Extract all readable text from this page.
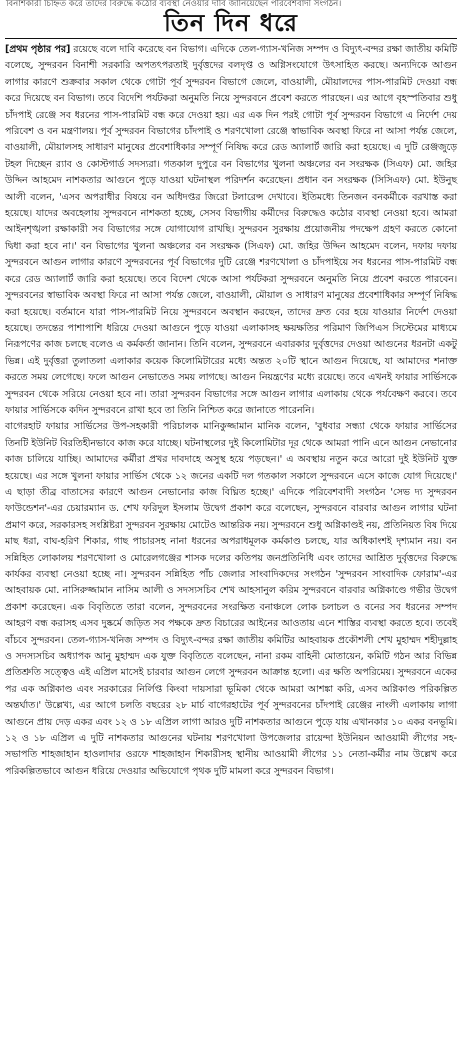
বিনাশকারী চিহ্নিত করে তাদের বিরুদ্ধে কঠোর ব্যবস্থা নেওয়ার দাবি জানিয়েছেন পরিবেশবাদী সংগঠন।
তিন দিন ধরে

[প্রথম পৃষ্ঠার পর] রয়েছে বলে দাবি করেছে বন বিভাগ। এদিকে তেল-গ্যাস-খনিজ সম্পদ ও বিদ্যুৎ-বন্দর রক্ষা জাতীয় কমিটি বলেছে, সুন্দরবন বিনাশী সরকারি অপতৎপরতাই দুর্বৃত্তদের বলদৃপ্ত ও অগ্নিসংযোগে উৎসাহিত করছে। অন্যদিকে আগুন লাগার কারণে শুক্রবার সকাল থেকে গোটা পূর্ব সুন্দরবন বিভাগে জেলে, বাওয়ালী, মৌয়ালদের পাস-পারমিট দেওয়া বন্ধ করে দিয়েছে বন বিভাগ। তবে বিদেশি পর্যটকরা অনুমতি নিয়ে সুন্দরবনে প্রবেশ করতে পারছেন। এর আগে বৃহস্পতিবার শুধু চাঁদপাই রেঞ্জে সব ধরনের পাস-পারমিট বন্ধ করে দেওয়া হয়। এর এক দিন পরই গোটা পূর্ব সুন্দরবন বিভাগে এ নির্দেশ দেয় পরিবেশ ও বন মন্ত্রণালয়। পূর্ব সুন্দরবন বিভাগের চাঁদপাই ও শরণখোলা রেঞ্জে স্বাভাবিক অবস্থা ফিরে না আসা পর্যন্ত জেলে, বাওয়ালী, মৌয়ালসহ সাধারণ মানুষের প্রবেশাধিকার সম্পূর্ণ নিষিদ্ধ করে রেড অ্যালার্ট জারি করা হয়েছে। এ দুটি রেঞ্জজুড়ে টহল দিচ্ছেন র‍্যাব ও কোস্টগার্ড সদস্যরা। গতকাল দুপুরে বন বিভাগের খুলনা অঞ্চলের বন সংরক্ষক (সিএফ) মো. জহির উদ্দিন আহমেদ নাশকতার আগুনে পুড়ে যাওয়া ঘটনাস্থল পরিদর্শন করেছেন। প্রধান বন সংরক্ষক (সিসিএফ) মো. ইউনুছ আলী বলেন, 'এসব অপরাধীর বিষয়ে বন অধিদপ্তর জিরো টলারেন্স দেখাবে। ইতিমধ্যে তিনজন বনকর্মীকে বরখাস্ত করা হয়েছে। যাদের অবহেলায় সুন্দরবনে নাশকতা হচ্ছে, সেসব বিভাগীয় কর্মীদের বিরুদ্ধেও কঠোর ব্যবস্থা নেওয়া হবে। আমরা আইনশৃঙ্খলা রক্ষাকারী সব বিভাগের সঙ্গে যোগাযোগ রাখছি। সুন্দরবন সুরক্ষায় প্রয়োজনীয় পদক্ষেপ গ্রহণ করতে কোনো দ্বিধা করা হবে না।' বন বিভাগের খুলনা অঞ্চলের বন সংরক্ষক (সিএফ) মো. জহির উদ্দিন আহমেদ বলেন, দফায় দফায় সুন্দরবনে আগুন লাগার কারণে সুন্দরবনের পূর্ব বিভাগের দুটি রেঞ্জে শরণখোলা ও চাঁদপাইয়ে সব ধরনের পাস-পারমিট বন্ধ করে রেড অ্যালার্ট জারি করা হয়েছে। তবে বিদেশ থেকে আসা পর্যটকরা সুন্দরবনে অনুমতি নিয়ে প্রবেশ করতে পারবেন। সুন্দরবনের স্বাভাবিক অবস্থা ফিরে না আসা পর্যন্ত জেলে, বাওয়ালী, মৌয়াল ও সাধারণ মানুষের প্রবেশাধিকার সম্পূর্ণ নিষিদ্ধ করা হয়েছে। বর্তমানে যারা পাস-পারমিট নিয়ে সুন্দরবনে অবস্থান করছেন, তাদের দ্রুত বের হয়ে যাওয়ার নির্দেশ দেওয়া হয়েছে। তদন্তের পাশাপাশি ধরিয়ে দেওয়া আগুনে পুড়ে যাওয়া এলাকাসহ ক্ষয়ক্ষতির পরিমাণ জিপিএস সিস্টেমের মাধ্যমে নিরূপণের কাজ চলছে বলেও এ কর্মকর্তা জানান। তিনি বলেন, সুন্দরবনে এবারকার দুর্বৃত্তদের দেওয়া আগুনের ধরনটা একটু ভিন্ন। এই দুর্বৃত্তরা তুলাতলা এলাকার কয়েক কিলোমিটারের মধ্যে অন্তত ২০টি স্থানে আগুন দিয়েছে, যা আমাদের শনাক্ত করতে সময় লেগেছে। ফলে আগুন নেভাতেও সময় লাগছে। আগুন নিয়ন্ত্রণের মধ্যে রয়েছে। তবে এখনই ফায়ার সার্ভিসকে সুন্দরবন থেকে সরিয়ে নেওয়া হবে না। তারা সুন্দরবন বিভাগের সঙ্গে আগুন লাগার এলাকায় থেকে পর্যবেক্ষণ করবে। তবে ফায়ার সার্ভিসকে কদিন সুন্দরবনে রাখা হবে তা তিনি নিশ্চিত করে জানাতে পারেননি।

বাগেরহাট ফায়ার সার্ভিসের উপ-সহকারী পরিচালক মানিকুজ্জামান মানিক বলেন, 'বুধবার সন্ধ্যা থেকে ফায়ার সার্ভিসের তিনটি ইউনিট বিরতিহীনভাবে কাজ করে যাচ্ছে। ঘটনাস্থলের দুই কিলোমিটার দূর থেকে আমরা পানি এনে আগুন নেভানোর কাজ চালিয়ে যাচ্ছি। আমাদের কর্মীরা প্রখর দাবদাহে অসুস্থ হয়ে পড়ছেন।' এ অবস্থায় নতুন করে আরো দুই ইউনিট যুক্ত হয়েছে। এর সঙ্গে খুলনা ফায়ার সার্ভিস থেকে ১২ জনের একটি দল গতকাল সকালে সুন্দরবনে এসে কাজে যোগ দিয়েছে।' এ ছাড়া তীব্র বাতাসের কারণে আগুন নেভানোর কাজ বিঘ্নিত হচ্ছে।' এদিকে পরিবেশবাদী সংগঠন 'সেভ দ্য সুন্দরবন ফাউন্ডেশন'-এর চেয়ারম্যান ড. শেখ ফরিদুল ইসলাম উদ্বেগ প্রকাশ করে বলেছেন, সুন্দরবনে বারবার আগুন লাগার ঘটনা প্রমাণ করে, সরকারসহ সংশ্লিষ্টরা সুন্দরবন সুরক্ষায় মোটেও আন্তরিক নয়। সুন্দরবনে শুধু অগ্নিকাণ্ডই নয়, প্রতিনিয়ত বিষ দিয়ে মাছ ধরা, বাঘ-হরিণ শিকার, গাছ পাচারসহ নানা ধরনের অপরাধমূলক কর্মকাণ্ড চলছে, যার অধিকাংশই দৃশ্যমান নয়। বন সন্নিহিত লোকালয় শরণখোলা ও মোরেলগঞ্জের শাসক দলের কতিপয় জনপ্রতিনিধি এবং তাদের আশ্রিত দুর্বৃত্তদের বিরুদ্ধে কার্যকর ব্যবস্থা নেওয়া হচ্ছে না। সুন্দরবন সন্নিহিত পাঁচ জেলার সাংবাদিকদের সংগঠন 'সুন্দরবন সাংবাদিক ফোরাম'-এর আহবায়ক মো. নাসিরুজ্জামান নাসিম আলী ও সদস্যসচিব শেখ আহসানুল করিম সুন্দরবনে বারবার অগ্নিকাণ্ডে গভীর উদ্বেগ প্রকাশ করেছেন। এক বিবৃতিতে তারা বলেন, সুন্দরবনের সংরক্ষিত বনাঞ্চলে লোক চলাচল ও বনের সব ধরনের সম্পদ আহরণ বন্ধ করাসহ এসব দুষ্কর্মে জড়িত সব পক্ষকে দ্রুত বিচারের আইনের আওতায় এনে শাস্তির ব্যবস্থা করতে হবে। তবেই বাঁচবে সুন্দরবন। তেল-গ্যাস-খনিজ সম্পদ ও বিদ্যুৎ-বন্দর রক্ষা জাতীয় কমিটির আহবায়ক প্রকৌশলী শেখ মুহাম্মদ শহীদুল্লাহ ও সদস্যসচিব অধ্যাপক আনু মুহাম্মদ এক যুক্ত বিবৃতিতে বলেছেন, নানা রকম বাহিনী মোতায়েন, কমিটি গঠন আর বিভিন্ন প্রতিশ্রুতি সত্ত্বেও এই এপ্রিল মাসেই চারবার আগুন লেগে সুন্দরবন আক্রান্ত হলো। এর ক্ষতি অপরিমেয়। সুন্দরবনে একের পর এক অগ্নিকাণ্ড এবং সরকারের নির্লিপ্ত কিংবা দায়সারা ভূমিকা থেকে আমরা আশঙ্কা করি, এসব অগ্নিকাণ্ড পরিকল্পিত অন্তর্ঘাত।' উল্লেখ্য, এর আগে চলতি বছরের ২৮ মার্চ বাগেরহাটের পূর্ব সুন্দরবনের চাঁদপাই রেঞ্জের নাংলী এলাকায় লাগা আগুনে প্রায় দেড় একর এবং ১২ ও ১৮ এপ্রিল লাগা আরও দুটি নাশকতার আগুনে পুড়ে যায় এখানকার ১০ একর বনভূমি। ১২ ও ১৮ এপ্রিল এ দুটি নাশকতার আগুনের ঘটনায় শরণখোলা উপজেলার রায়েন্দা ইউনিয়ন আওয়ামী লীগের সহ-সভাপতি শাহজাহান হাওলাদার ওরফে শাহজাহান শিকারীসহ স্থানীয় আওয়ামী লীগের ১১ নেতা-কর্মীর নাম উল্লেখ করে পরিকল্পিতভাবে আগুন ধরিয়ে দেওয়ার অভিযোগে পৃথক দুটি মামলা করে সুন্দরবন বিভাগ।
